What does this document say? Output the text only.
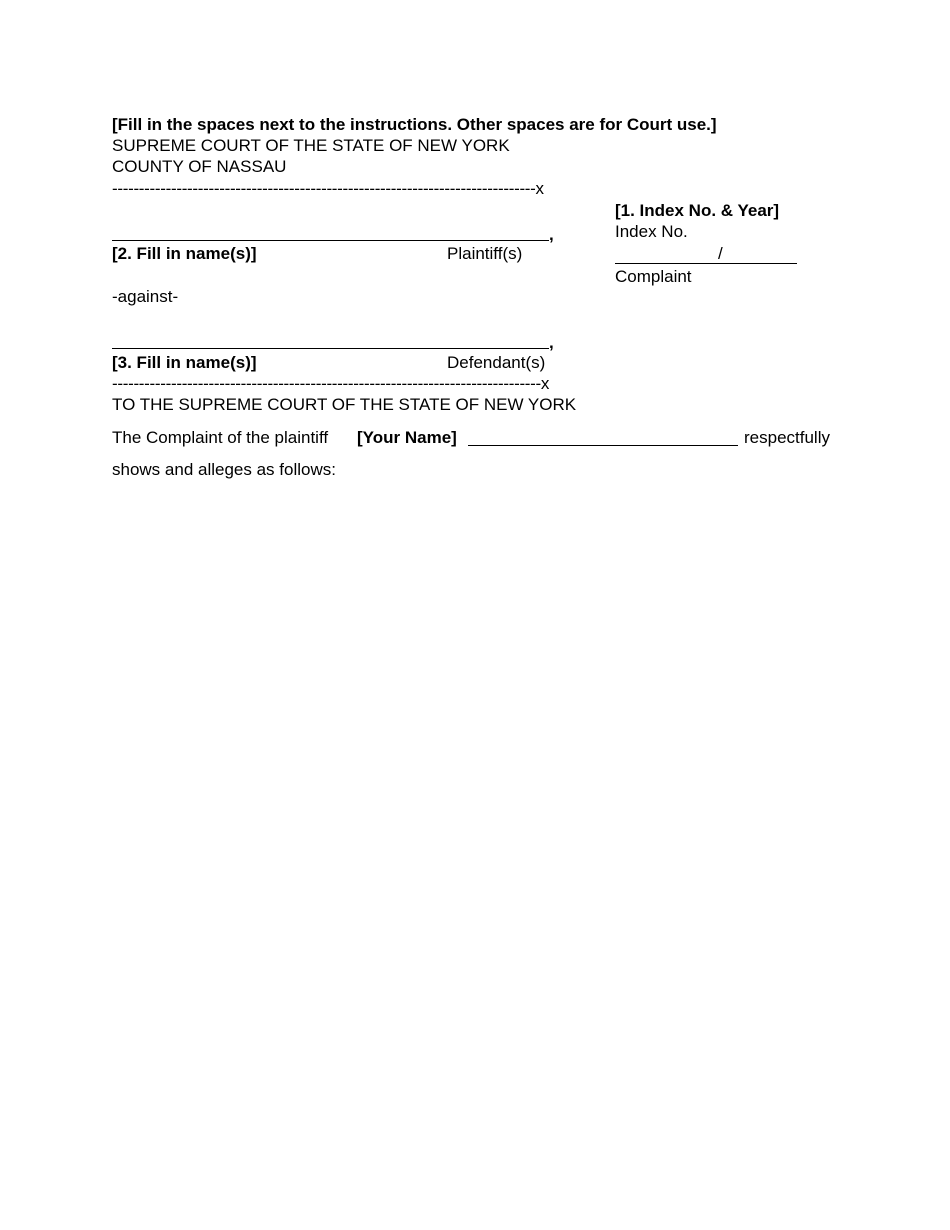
[Fill in the spaces next to the instructions. Other spaces are for Court use.]
SUPREME COURT OF THE STATE OF NEW YORK
COUNTY OF NASSAU
-------------------------------------------------------------------------------x
[1. Index No. & Year]
Index No.
/
Complaint
,
[2. Fill in name(s)]	Plaintiff(s)
-against-
,
[3. Fill in name(s)]	Defendant(s)
--------------------------------------------------------------------------------x
TO THE SUPREME COURT OF THE STATE OF NEW YORK
The Complaint of the plaintiff [Your Name]	respectfully
shows and alleges as follows:
